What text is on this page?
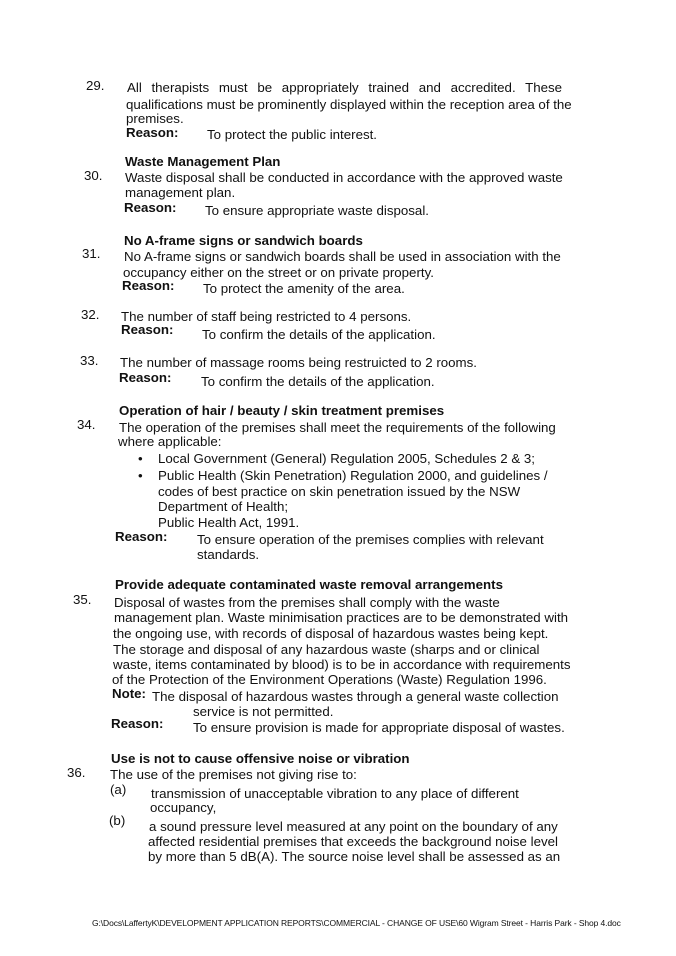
29.	All therapists must be appropriately trained and accredited. These
qualifications must be prominently displayed within the reception area of the
premises.
Reason: To protect the public interest.
Waste Management Plan
30.	Waste disposal shall be conducted in accordance with the approved waste
management plan.
Reason: To ensure appropriate waste disposal.
No A-frame signs or sandwich boards
31.	No A-frame signs or sandwich boards shall be used in association with the
occupancy either on the street or on private property.
Reason: To protect the amenity of the area.
32.	The number of staff being restricted to 4 persons.
Reason: To confirm the details of the application.
33.	The number of massage rooms being restruicted to 2 rooms.
Reason: To confirm the details of the application.
Operation of hair / beauty / skin treatment premises
34.	The operation of the premises shall meet the requirements of the following
where applicable:
• Local Government (General) Regulation 2005, Schedules 2 & 3;
• Public Health (Skin Penetration) Regulation 2000, and guidelines /
codes of best practice on skin penetration issued by the NSW
Department of Health;
Public Health Act, 1991.
Reason: To ensure operation of the premises complies with relevant
standards.
Provide adequate contaminated waste removal arrangements
35.	Disposal of wastes from the premises shall comply with the waste
management plan. Waste minimisation practices are to be demonstrated with
the ongoing use, with records of disposal of hazardous wastes being kept.
The storage and disposal of any hazardous waste (sharps and or clinical
waste, items contaminated by blood) is to be in accordance with requirements
of the Protection of the Environment Operations (Waste) Regulation 1996.
Note: The disposal of hazardous wastes through a general waste collection
service is not permitted.
Reason: To ensure provision is made for appropriate disposal of wastes.
Use is not to cause offensive noise or vibration
36.	The use of the premises not giving rise to:
(a) transmission of unacceptable vibration to any place of different
occupancy,
(b) a sound pressure level measured at any point on the boundary of any
affected residential premises that exceeds the background noise level
by more than 5 dB(A). The source noise level shall be assessed as an
G:\Docs\LaffertyK\DEVELOPMENT APPLICATION REPORTS\COMMERCIAL - CHANGE OF USE\60 Wigram Street - Harris Park - Shop 4.doc
